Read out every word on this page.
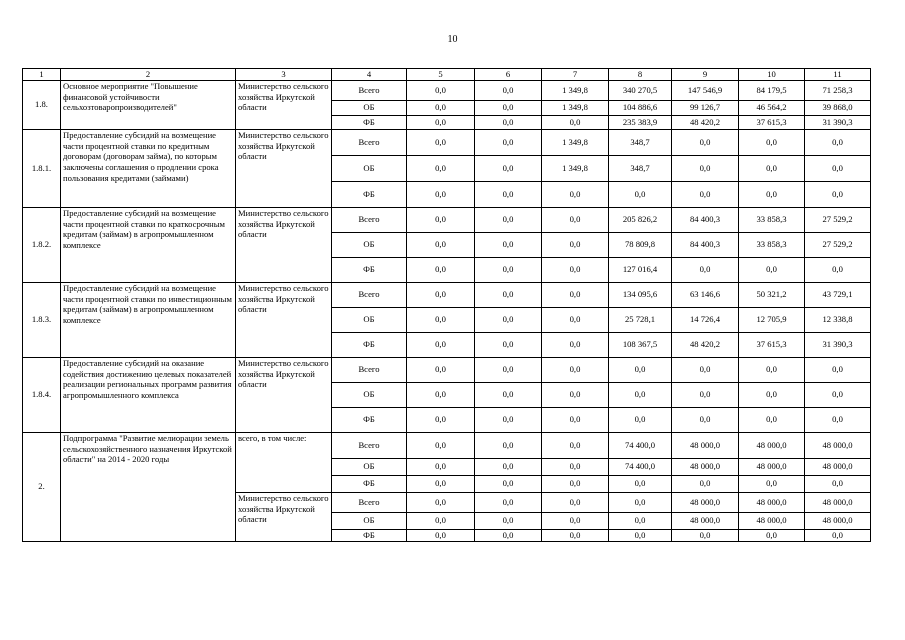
10
1	2	3	4	5	6	7	8	9	10	11
1.8.	Основное мероприятие "Повышение финансовой устойчивости сельхозтоваропроизводителей"	Министерство сельского хозяйства Иркутской области	Всего	0,0	0,0	1 349,8	340 270,5	147 546,9	84 179,5	71 258,3
			ОБ	0,0	0,0	1 349,8	104 886,6	99 126,7	46 564,2	39 868,0
			ФБ	0,0	0,0	0,0	235 383,9	48 420,2	37 615,3	31 390,3
1.8.1.	Предоставление субсидий на возмещение части процентной ставки по кредитным договорам (договорам займа), по которым заключены соглашения о продлении срока пользования кредитами (займами)	Министерство сельского хозяйства Иркутской области	Всего	0,0	0,0	1 349,8	348,7	0,0	0,0	0,0
			ОБ	0,0	0,0	1 349,8	348,7	0,0	0,0	0,0
			ФБ	0,0	0,0	0,0	0,0	0,0	0,0	0,0
1.8.2.	Предоставление субсидий на возмещение части процентной ставки по краткосрочным кредитам (займам) в агропромышленном комплексе	Министерство сельского хозяйства Иркутской области	Всего	0,0	0,0	0,0	205 826,2	84 400,3	33 858,3	27 529,2
			ОБ	0,0	0,0	0,0	78 809,8	84 400,3	33 858,3	27 529,2
			ФБ	0,0	0,0	0,0	127 016,4	0,0	0,0	0,0
1.8.3.	Предоставление субсидий на возмещение части процентной ставки по инвестиционным кредитам (займам) в агропромышленном комплексе	Министерство сельского хозяйства Иркутской области	Всего	0,0	0,0	0,0	134 095,6	63 146,6	50 321,2	43 729,1
			ОБ	0,0	0,0	0,0	25 728,1	14 726,4	12 705,9	12 338,8
			ФБ	0,0	0,0	0,0	108 367,5	48 420,2	37 615,3	31 390,3
1.8.4.	Предоставление субсидий на оказание содействия достижению целевых показателей реализации региональных программ развития агропромышленного комплекса	Министерство сельского хозяйства Иркутской области	Всего	0,0	0,0	0,0	0,0	0,0	0,0	0,0
			ОБ	0,0	0,0	0,0	0,0	0,0	0,0	0,0
			ФБ	0,0	0,0	0,0	0,0	0,0	0,0	0,0
2.	Подпрограмма "Развитие мелиорации земель сельскохозяйственного назначения Иркутской области" на 2014 - 2020 годы	всего, в том числе:	Всего	0,0	0,0	0,0	74 400,0	48 000,0	48 000,0	48 000,0
			ОБ	0,0	0,0	0,0	74 400,0	48 000,0	48 000,0	48 000,0
			ФБ	0,0	0,0	0,0	0,0	0,0	0,0	0,0
		Министерство сельского хозяйства Иркутской области	Всего	0,0	0,0	0,0	0,0	48 000,0	48 000,0	48 000,0
			ОБ	0,0	0,0	0,0	0,0	48 000,0	48 000,0	48 000,0
			ФБ	0,0	0,0	0,0	0,0	0,0	0,0	0,0
